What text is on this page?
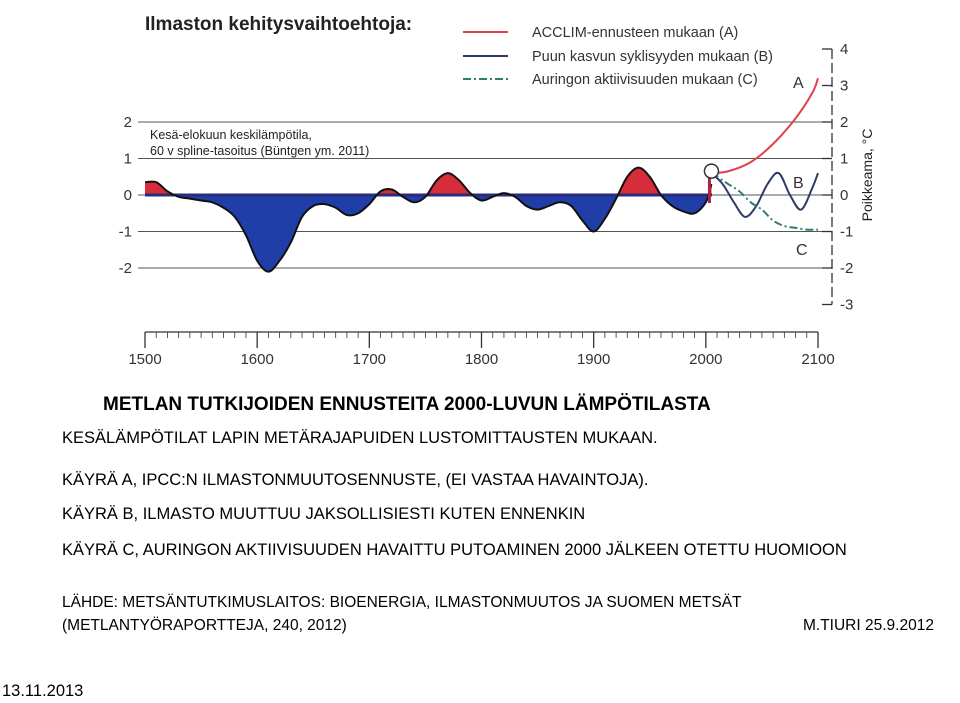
2
1
0
-1
-2
4
3
2
1
0
-1
-2
-3
1500	1600	1700	1800	1900	2000	2100
A
B
C
Ilmaston kehitysvaihtoehtoja:
Kesä-elokuun keskilämpötila, 60 v spline-tasoitus (Büntgen ym. 2011)	Poikkeama, °C
ACCLIM-ennusteen mukaan (A)
Puun kasvun syklisyyden mukaan (B)
Auringon aktiivisuuden mukaan (C)
METLAN TUTKIJOIDEN ENNUSTEITA 2000-LUVUN LÄMPÖTILASTA
KESÄLÄMPÖTILAT LAPIN METÄRAJAPUIDEN LUSTOMITTAUSTEN MUKAAN.
KÄYRÄ A, IPCC:N ILMASTONMUUTOSENNUSTE, (EI VASTAA HAVAINTOJA).
KÄYRÄ B, ILMASTO MUUTTUU JAKSOLLISIESTI KUTEN ENNENKIN
KÄYRÄ C, AURINGON AKTIIVISUUDEN HAVAITTU PUTOAMINEN 2000 JÄLKEEN OTETTU HUOMIOON
LÄHDE: METSÄNTUTKIMUSLAITOS: BIOENERGIA, ILMASTONMUUTOS JA SUOMEN METSÄT
(METLANTYÖRAPORTTEJA, 240, 2012)	M.TIURI 25.9.2012
13.11.2013
